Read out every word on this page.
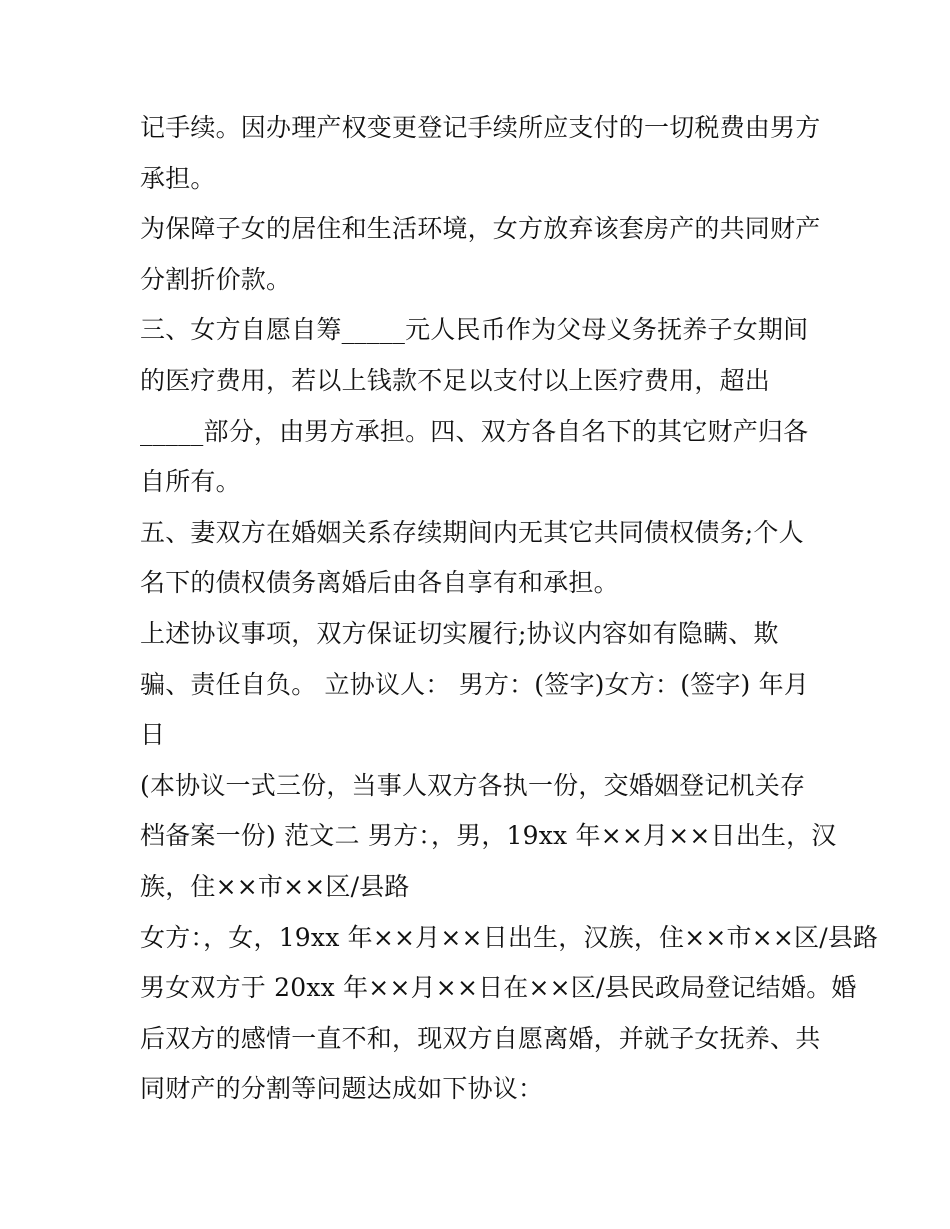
记手续。因办理产权变更登记手续所应支付的一切税费由男方
承担。
为保障子女的居住和生活环境，女方放弃该套房产的共同财产
分割折价款。
三、女方自愿自筹_____元人民币作为父母义务抚养子女期间
的医疗费用，若以上钱款不足以支付以上医疗费用，超出
_____部分，由男方承担。四、双方各自名下的其它财产归各
自所有。
五、妻双方在婚姻关系存续期间内无其它共同债权债务;个人
名下的债权债务离婚后由各自享有和承担。
上述协议事项，双方保证切实履行;协议内容如有隐瞒、欺
骗、责任自负。 立协议人： 男方：(签字)女方：(签字) 年月
日
(本协议一式三份，当事人双方各执一份，交婚姻登记机关存
档备案一份) 范文二 男方：，男，19xx 年××月××日出生，汉
族，住××市××区/县路
女方：，女，19xx 年××月××日出生，汉族，住××市××区/县路
男女双方于 20xx 年××月××日在××区/县民政局登记结婚。婚
后双方的感情一直不和，现双方自愿离婚，并就子女抚养、共
同财产的分割等问题达成如下协议：
